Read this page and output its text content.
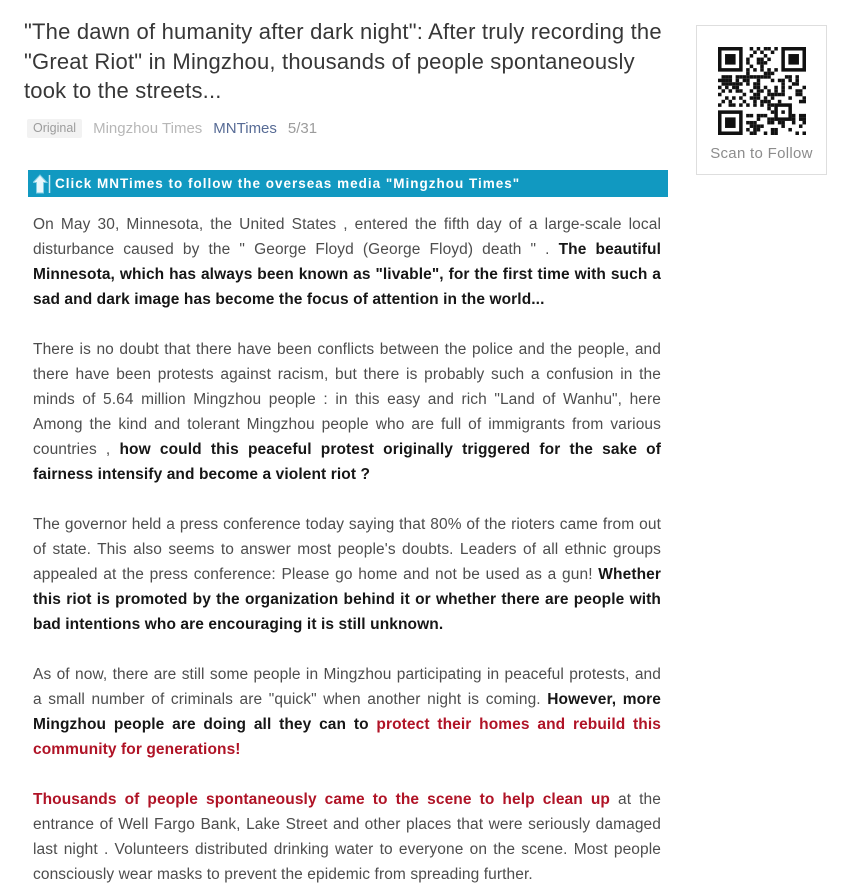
"The dawn of humanity after dark night": After truly recording the "Great Riot" in Mingzhou, thousands of people spontaneously took to the streets...
Original	Mingzhou Times MNTimes 5/31
Scan to Follow
Click MNTimes to follow the overseas media "Mingzhou Times"

On May 30, Minnesota, the United States , entered the fifth day of a large-scale local disturbance caused by the " George Floyd (George Floyd) death " . The beautiful Minnesota, which has always been known as "livable", for the first time with such a sad and dark image has become the focus of attention in the world...

There is no doubt that there have been conflicts between the police and the people, and there have been protests against racism, but there is probably such a confusion in the minds of 5.64 million Mingzhou people : in this easy and rich "Land of Wanhu", here Among the kind and tolerant Mingzhou people who are full of immigrants from various countries , how could this peaceful protest originally triggered for the sake of fairness intensify and become a violent riot ?

The governor held a press conference today saying that 80% of the rioters came from out of state. This also seems to answer most people's doubts. Leaders of all ethnic groups appealed at the press conference: Please go home and not be used as a gun! Whether this riot is promoted by the organization behind it or whether there are people with bad intentions who are encouraging it is still unknown.

As of now, there are still some people in Mingzhou participating in peaceful protests, and a small number of criminals are "quick" when another night is coming. However, more Mingzhou people are doing all they can to protect their homes and rebuild this community for generations!

Thousands of people spontaneously came to the scene to help clean up at the entrance of Well Fargo Bank, Lake Street and other places that were seriously damaged last night . Volunteers distributed drinking water to everyone on the scene. Most people consciously wear masks to prevent the epidemic from spreading further.
